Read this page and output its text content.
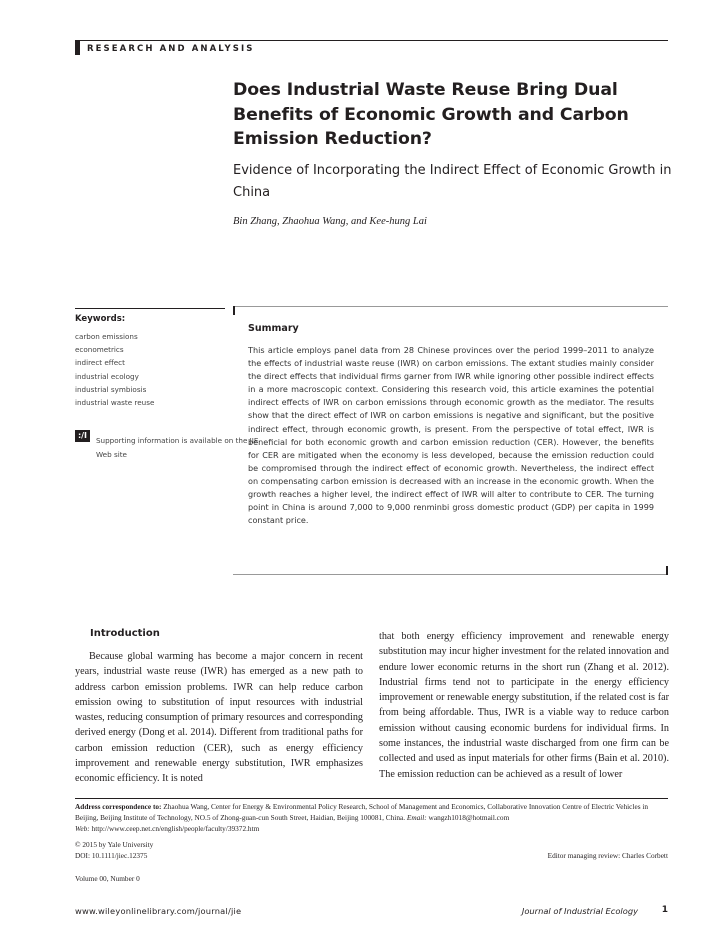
RESEARCH AND ANALYSIS
Does Industrial Waste Reuse Bring Dual Benefits of Economic Growth and Carbon Emission Reduction?
Evidence of Incorporating the Indirect Effect of Economic Growth in China
Bin Zhang, Zhaohua Wang, and Kee-hung Lai
Keywords:
carbon emissions
econometrics
indirect effect
industrial ecology
industrial symbiosis
industrial waste reuse
:/I
Supporting information is available on the JIE Web site
Summary

This article employs panel data from 28 Chinese provinces over the period 1999–2011 to analyze the effects of industrial waste reuse (IWR) on carbon emissions. The extant studies mainly consider the direct effects that individual firms garner from IWR while ignoring other possible indirect effects in a more macroscopic context. Considering this research void, this article examines the potential indirect effects of IWR on carbon emissions through economic growth as the mediator. The results show that the direct effect of IWR on carbon emissions is negative and significant, but the positive indirect effect, through economic growth, is present. From the perspective of total effect, IWR is beneficial for both economic growth and carbon emission reduction (CER). However, the benefits for CER are mitigated when the economy is less developed, because the emission reduction could be compromised through the indirect effect of economic growth. Nevertheless, the indirect effect on compensating carbon emission is decreased with an increase in the economic growth. When the growth reaches a higher level, the indirect effect of IWR will alter to contribute to CER. The turning point in China is around 7,000 to 9,000 renminbi gross domestic product (GDP) per capita in 1999 constant price.

Introduction

Because global warming has become a major concern in recent years, industrial waste reuse (IWR) has emerged as a new path to address carbon emission problems. IWR can help reduce carbon emission owing to substitution of input resources with industrial wastes, reducing consumption of primary resources and corresponding derived energy (Dong et al. 2014). Different from traditional paths for carbon emission reduction (CER), such as energy efficiency improvement and renewable energy substitution, IWR emphasizes economic efficiency. It is noted

that both energy efficiency improvement and renewable energy substitution may incur higher investment for the related innovation and endure lower economic returns in the short run (Zhang et al. 2012). Industrial firms tend not to participate in the energy efficiency improvement or renewable energy substitution, if the related cost is far from being affordable. Thus, IWR is a viable way to reduce carbon emission without causing economic burdens for individual firms. In some instances, the industrial waste discharged from one firm can be collected and used as input materials for other firms (Bain et al. 2010). The emission reduction can be achieved as a result of lower

Address correspondence to: Zhaohua Wang, Center for Energy & Environmental Policy Research, School of Management and Economics, Collaborative Innovation Centre of Electric Vehicles in Beijing, Beijing Institute of Technology, NO.5 of Zhong-guan-cun South Street, Haidian, Beijing 100081, China. Email: wangzh1018@hotmail.com
Web: http://www.ceep.net.cn/english/people/faculty/39372.htm
© 2015 by Yale University
DOI: 10.1111/jiec.12375	Editor managing review: Charles Corbett
Volume 00, Number 0
www.wileyonlinelibrary.com/journal/jie	Journal of Industrial Ecology	1
